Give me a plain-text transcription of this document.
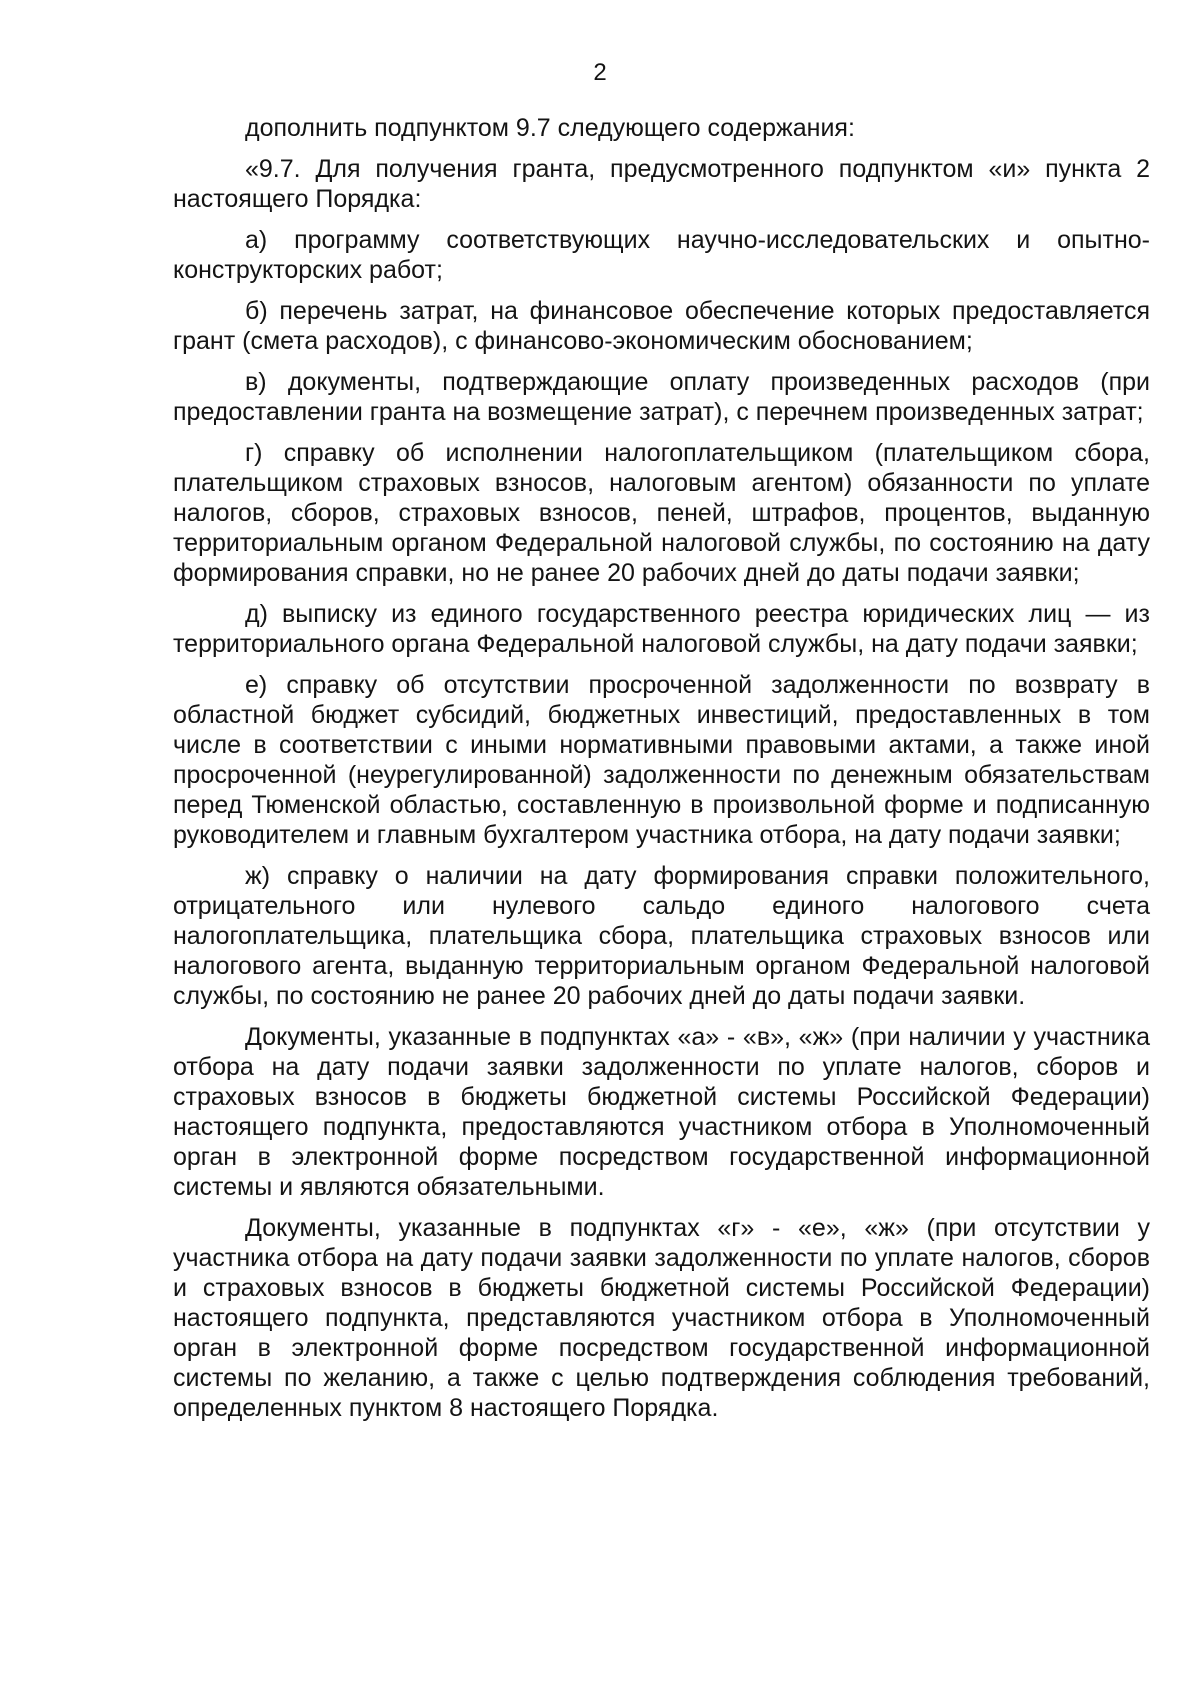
2

дополнить подпунктом 9.7 следующего содержания:

«9.7. Для получения гранта, предусмотренного подпунктом «и» пункта 2 настоящего Порядка:

а) программу соответствующих научно-исследовательских и опытно-конструкторских работ;

б) перечень затрат, на финансовое обеспечение которых предоставляется грант (смета расходов), с финансово-экономическим обоснованием;

в) документы, подтверждающие оплату произведенных расходов (при предоставлении гранта на возмещение затрат), с перечнем произведенных затрат;

г) справку об исполнении налогоплательщиком (плательщиком сбора, плательщиком страховых взносов, налоговым агентом) обязанности по уплате налогов, сборов, страховых взносов, пеней, штрафов, процентов, выданную территориальным органом Федеральной налоговой службы, по состоянию на дату формирования справки, но не ранее 20 рабочих дней до даты подачи заявки;

д) выписку из единого государственного реестра юридических лиц — из территориального органа Федеральной налоговой службы, на дату подачи заявки;

е) справку об отсутствии просроченной задолженности по возврату в областной бюджет субсидий, бюджетных инвестиций, предоставленных в том числе в соответствии с иными нормативными правовыми актами, а также иной просроченной (неурегулированной) задолженности по денежным обязательствам перед Тюменской областью, составленную в произвольной форме и подписанную руководителем и главным бухгалтером участника отбора, на дату подачи заявки;

ж) справку о наличии на дату формирования справки положительного, отрицательного или нулевого сальдо единого налогового счета налогоплательщика, плательщика сбора, плательщика страховых взносов или налогового агента, выданную территориальным органом Федеральной налоговой службы, по состоянию не ранее 20 рабочих дней до даты подачи заявки.

Документы, указанные в подпунктах «а» - «в», «ж» (при наличии у участника отбора на дату подачи заявки задолженности по уплате налогов, сборов и страховых взносов в бюджеты бюджетной системы Российской Федерации) настоящего подпункта, предоставляются участником отбора в Уполномоченный орган в электронной форме посредством государственной информационной системы и являются обязательными.

Документы, указанные в подпунктах «г» - «е», «ж» (при отсутствии у участника отбора на дату подачи заявки задолженности по уплате налогов, сборов и страховых взносов в бюджеты бюджетной системы Российской Федерации) настоящего подпункта, представляются участником отбора в Уполномоченный орган в электронной форме посредством государственной информационной системы по желанию, а также с целью подтверждения соблюдения требований, определенных пунктом 8 настоящего Порядка.
